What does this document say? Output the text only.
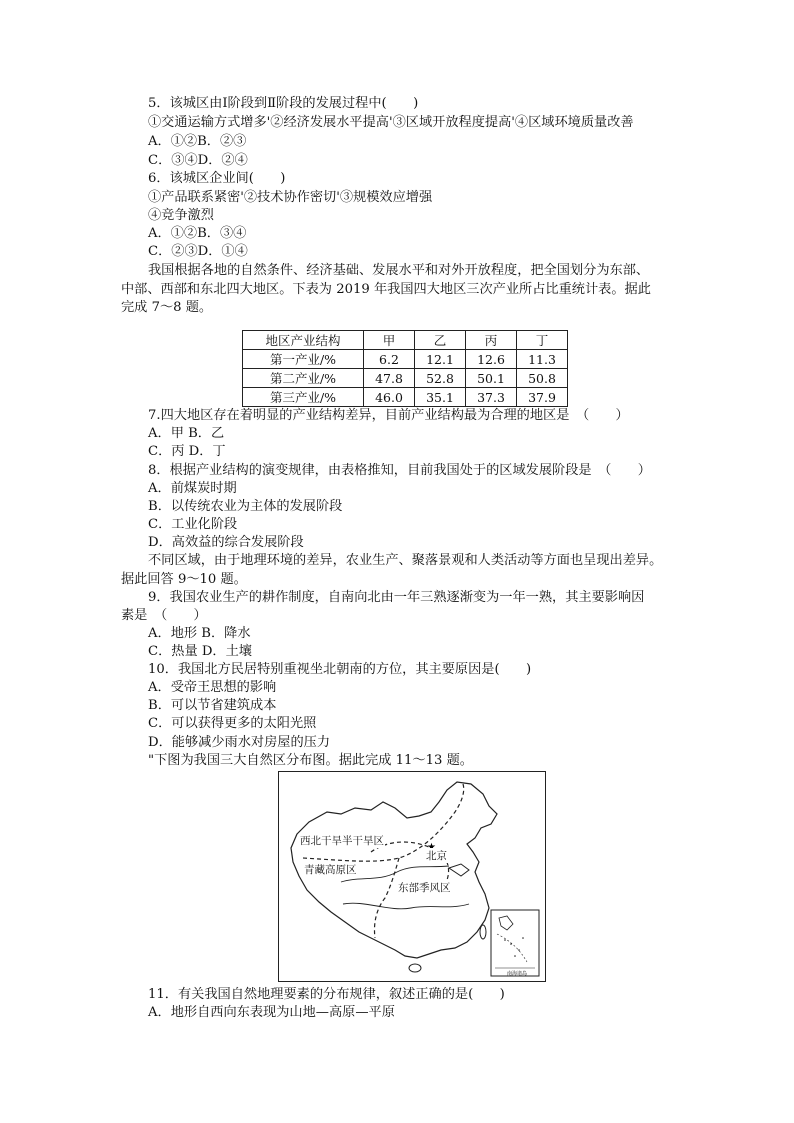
5．该城区由Ⅰ阶段到Ⅱ阶段的发展过程中(　　)
①交通运输方式增多'②经济发展水平提高'③区域开放程度提高'④区域环境质量改善
A．①②B．②③
C．③④D．②④
6．该城区企业间(　　)
①产品联系紧密'②技术协作密切'③规模效应增强
④竞争激烈
A．①②B．③④
C．②③D．①④
我国根据各地的自然条件、经济基础、发展水平和对外开放程度，把全国划分为东部、
中部、西部和东北四大地区。下表为 2019 年我国四大地区三次产业所占比重统计表。据此
完成 7～8 题。
地区产业结构	甲	乙	丙	丁
第一产业/%	6.2	12.1	12.6	11.3
第二产业/%	47.8	52.8	50.1	50.8
第三产业/%	46.0	35.1	37.3	37.9
7.四大地区存在着明显的产业结构差异，目前产业结构最为合理的地区是　（　　）
A．甲 B．乙
C．丙 D．丁
8．根据产业结构的演变规律，由表格推知，目前我国处于的区域发展阶段是　（　　）
A．前煤炭时期
B．以传统农业为主体的发展阶段
C．工业化阶段
D．高效益的综合发展阶段
不同区域，由于地理环境的差异，农业生产、聚落景观和人类活动等方面也呈现出差异。
据此回答 9～10 题。
9．我国农业生产的耕作制度，自南向北由一年三熟逐渐变为一年一熟，其主要影响因
素是　（　　）
A．地形 B．降水
C．热量 D．土壤
10．我国北方民居特别重视坐北朝南的方位，其主要原因是(　　)
A．受帝王思想的影响
B．可以节省建筑成本
C．可以获得更多的太阳光照
D．能够减少雨水对房屋的压力
"下图为我国三大自然区分布图。据此完成 11～13 题。
西北干旱半干旱区
青藏高原区
东部季风区
北京
南海诸岛
11．有关我国自然地理要素的分布规律，叙述正确的是(　　)
A．地形自西向东表现为山地—高原—平原
